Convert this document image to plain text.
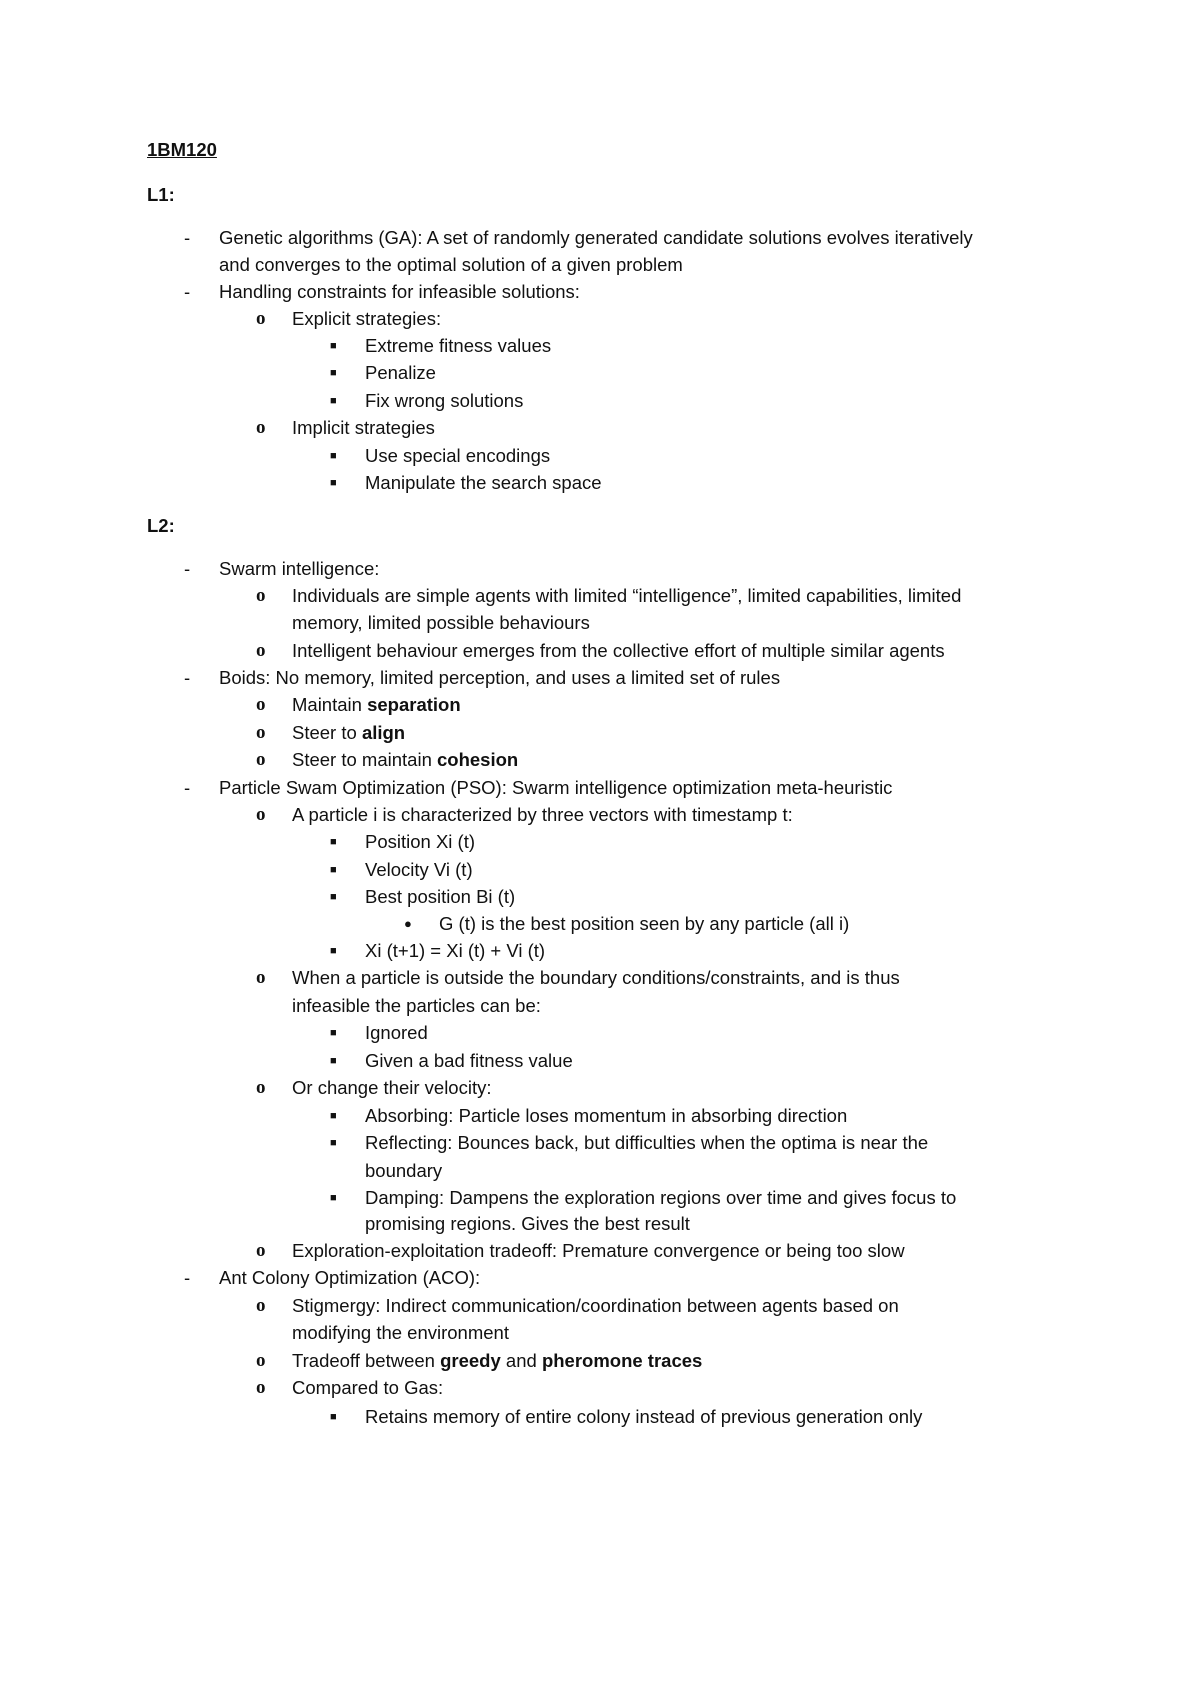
1BM120
L1:
- Genetic algorithms (GA): A set of randomly generated candidate solutions evolves iteratively
and converges to the optimal solution of a given problem
- Handling constraints for infeasible solutions:
o Explicit strategies:
■ Extreme fitness values
■ Penalize
■ Fix wrong solutions
o Implicit strategies
■ Use special encodings
■ Manipulate the search space
L2:
- Swarm intelligence:
o Individuals are simple agents with limited “intelligence”, limited capabilities, limited
memory, limited possible behaviours
o Intelligent behaviour emerges from the collective effort of multiple similar agents
- Boids: No memory, limited perception, and uses a limited set of rules
o Maintain separation
o Steer to align
o Steer to maintain cohesion
- Particle Swam Optimization (PSO): Swarm intelligence optimization meta-heuristic
o A particle i is characterized by three vectors with timestamp t:
■ Position Xi (t)
■ Velocity Vi (t)
■ Best position Bi (t)
● G (t) is the best position seen by any particle (all i)
■ Xi (t+1) = Xi (t) + Vi (t)
o When a particle is outside the boundary conditions/constraints, and is thus
infeasible the particles can be:
■ Ignored
■ Given a bad fitness value
o Or change their velocity:
■ Absorbing: Particle loses momentum in absorbing direction
■ Reflecting: Bounces back, but difficulties when the optima is near the
boundary
■ Damping: Dampens the exploration regions over time and gives focus to
promising regions. Gives the best result
o Exploration-exploitation tradeoff: Premature convergence or being too slow
- Ant Colony Optimization (ACO):
o Stigmergy: Indirect communication/coordination between agents based on
modifying the environment
o Tradeoff between greedy and pheromone traces
o Compared to Gas:
■ Retains memory of entire colony instead of previous generation only
